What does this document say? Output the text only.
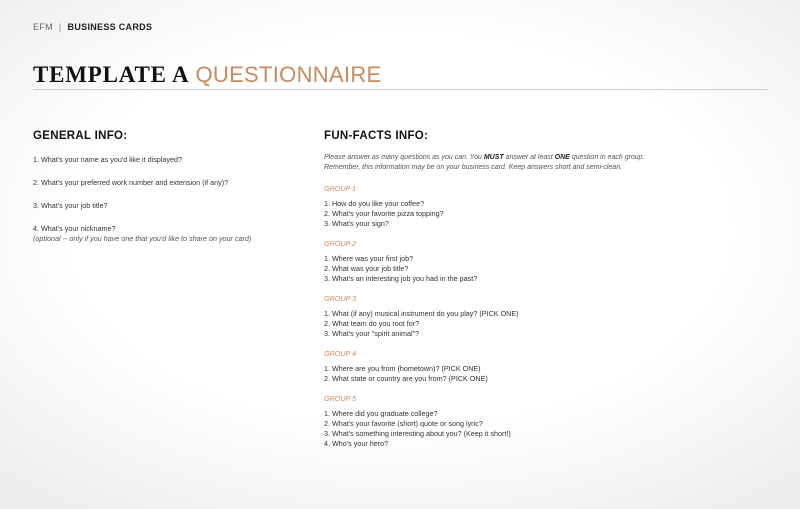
EFM | BUSINESS CARDS
TEMPLATE A QUESTIONNAIRE
GENERAL INFO:
1. What's your name as you'd like it displayed?
2. What's your preferred work number and extension (if any)?
3. What's your job title?
4. What's your nickname?
(optional -- only if you have one that you'd like to share on your card)
FUN-FACTS INFO:
Please answer as many questions as you can. You MUST answer at least ONE question in each group.
Remember, this information may be on your business card. Keep answers short and semi-clean.
GROUP 1
1. How do you like your coffee?
2. What's your favorite pizza topping?
3. What's your sign?
GROUP 2
1. Where was your first job?
2. What was your job title?
3. What's an interesting job you had in the past?
GROUP 3
1. What (if any) musical instrument do you play? (PICK ONE)
2. What team do you root for?
3. What's your "spirit animal"?
GROUP 4
1. Where are you from (hometown)? (PICK ONE)
2. What state or country are you from? (PICK ONE)
GROUP 5
1. Where did you graduate college?
2. What's your favorite (short) quote or song lyric?
3. What's something interesting about you? (Keep it short!)
4. Who's your hero?
